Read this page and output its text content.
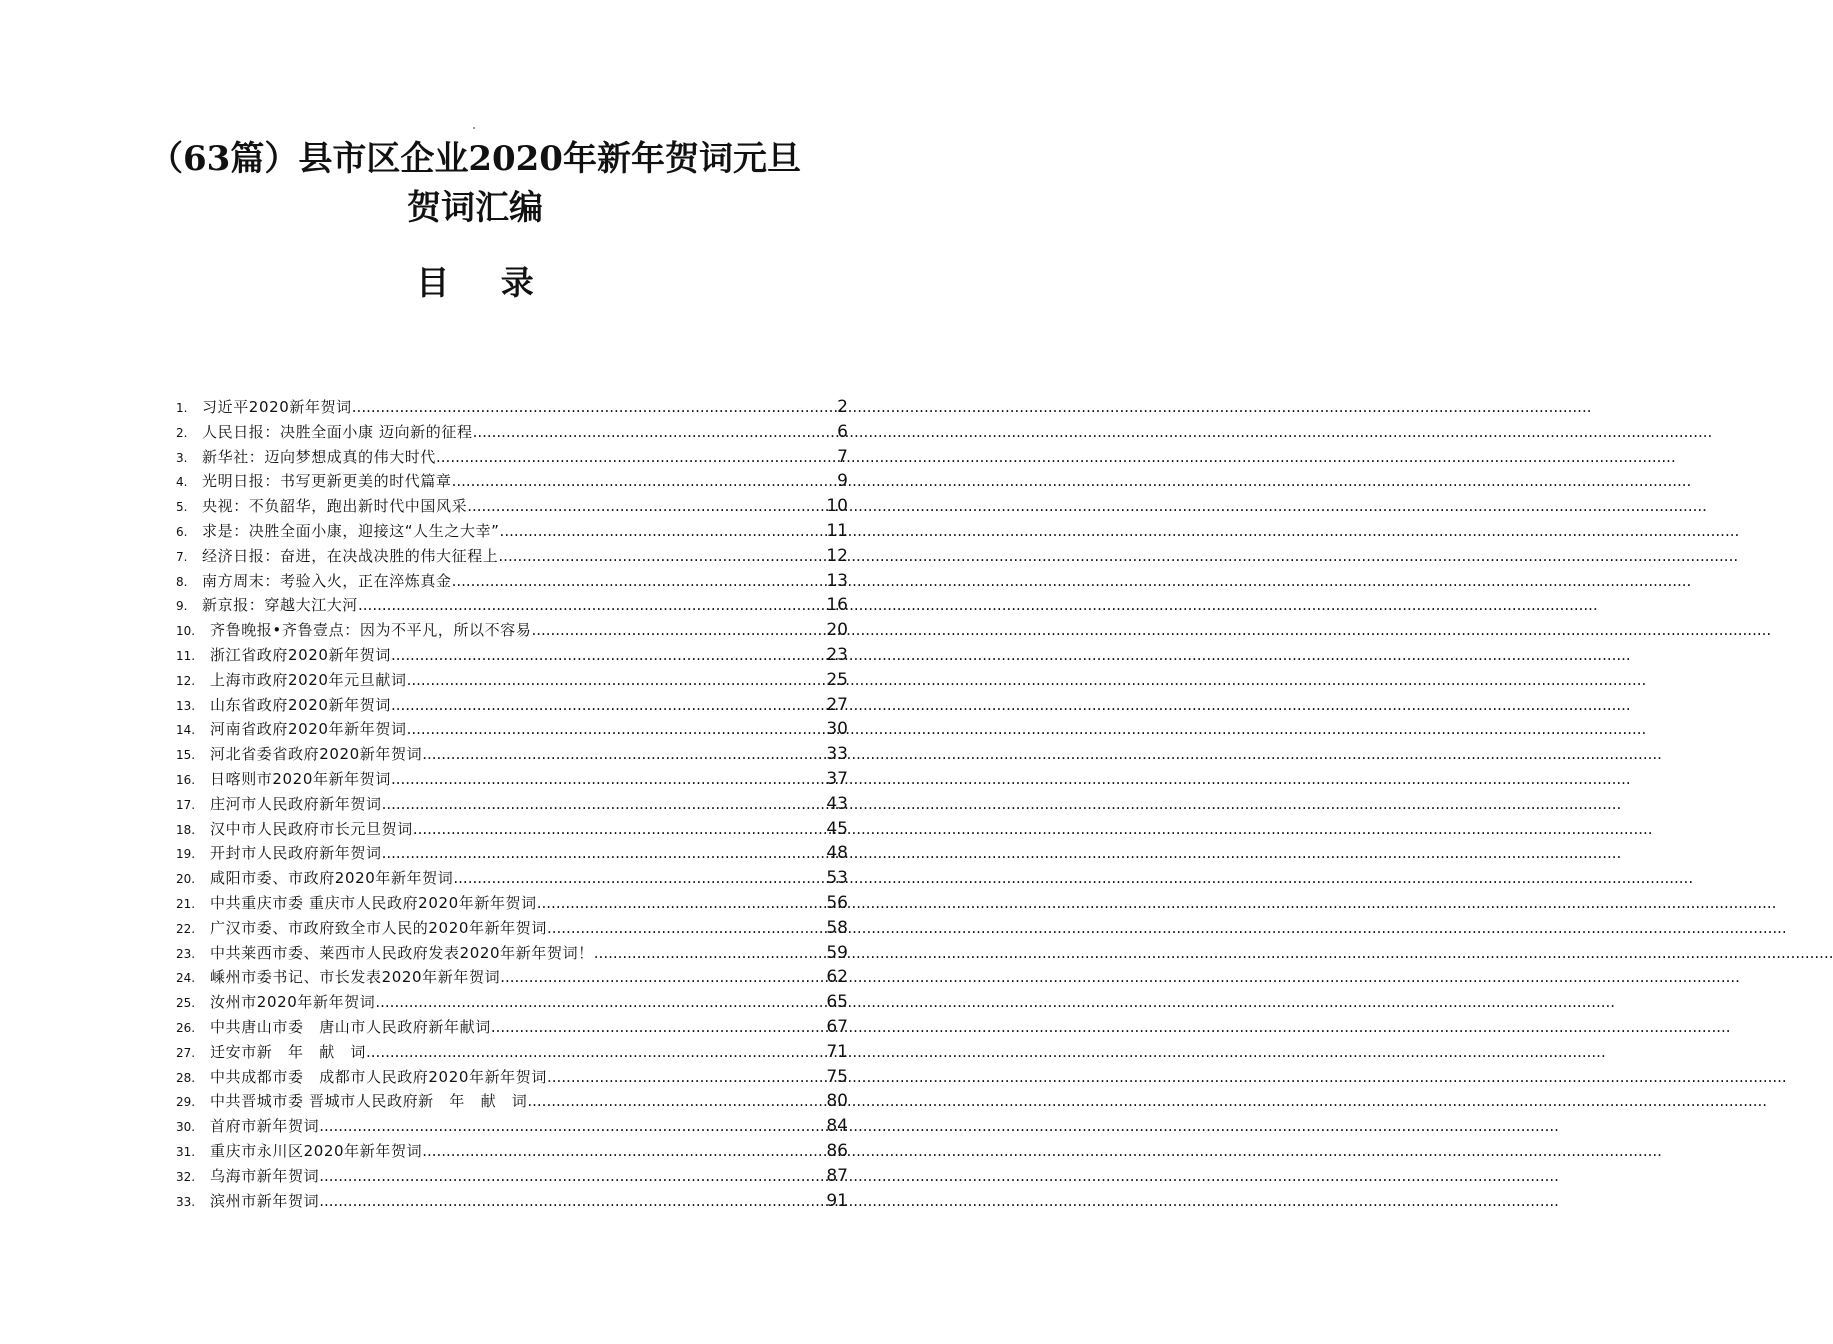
（63篇）县市区企业2020年新年贺词元旦
贺词汇编
目 录
1. 习近平2020新年贺词 .....	2
2. 人民日报：决胜全面小康 迈向新的征程 .....	6
3. 新华社：迈向梦想成真的伟大时代 .....	7
4. 光明日报：书写更新更美的时代篇章 .....	9
5. 央视：不负韶华，跑出新时代中国风采 .....	10
6. 求是：决胜全面小康，迎接这“人生之大幸” .....	11
7. 经济日报：奋进，在决战决胜的伟大征程上 .....	12
8. 南方周末：考验入火，正在淬炼真金 .....	13
9. 新京报：穿越大江大河 .....	16
10. 齐鲁晚报•齐鲁壹点：因为不平凡，所以不容易 .....	20
11. 浙江省政府2020新年贺词 .....	23
12. 上海市政府2020年元旦献词 .....	25
13. 山东省政府2020新年贺词 .....	27
14. 河南省政府2020年新年贺词 .....	30
15. 河北省委省政府2020新年贺词 .....	33
16. 日喀则市2020年新年贺词 .....	37
17. 庄河市人民政府新年贺词 .....	43
18. 汉中市人民政府市长元旦贺词 .....	45
19. 开封市人民政府新年贺词 .....	48
20. 咸阳市委、市政府2020年新年贺词 .....	53
21. 中共重庆市委 重庆市人民政府2020年新年贺词 .....	56
22. 广汉市委、市政府致全市人民的2020年新年贺词 .....	58
23. 中共莱西市委、莱西市人民政府发表2020年新年贺词！ .....	59
24. 嵊州市委书记、市长发表2020年新年贺词 .....	62
25. 汝州市2020年新年贺词 .....	65
26. 中共唐山市委　唐山市人民政府新年献词 .....	67
27. 迁安市新　年　献　词 .....	71
28. 中共成都市委　成都市人民政府2020年新年贺词 .....	75
29. 中共晋城市委 晋城市人民政府新　年　献　词 .....	80
30. 首府市新年贺词 .....	84
31. 重庆市永川区2020年新年贺词 .....	86
32. 乌海市新年贺词 .....	87
33. 滨州市新年贺词 .....	91
